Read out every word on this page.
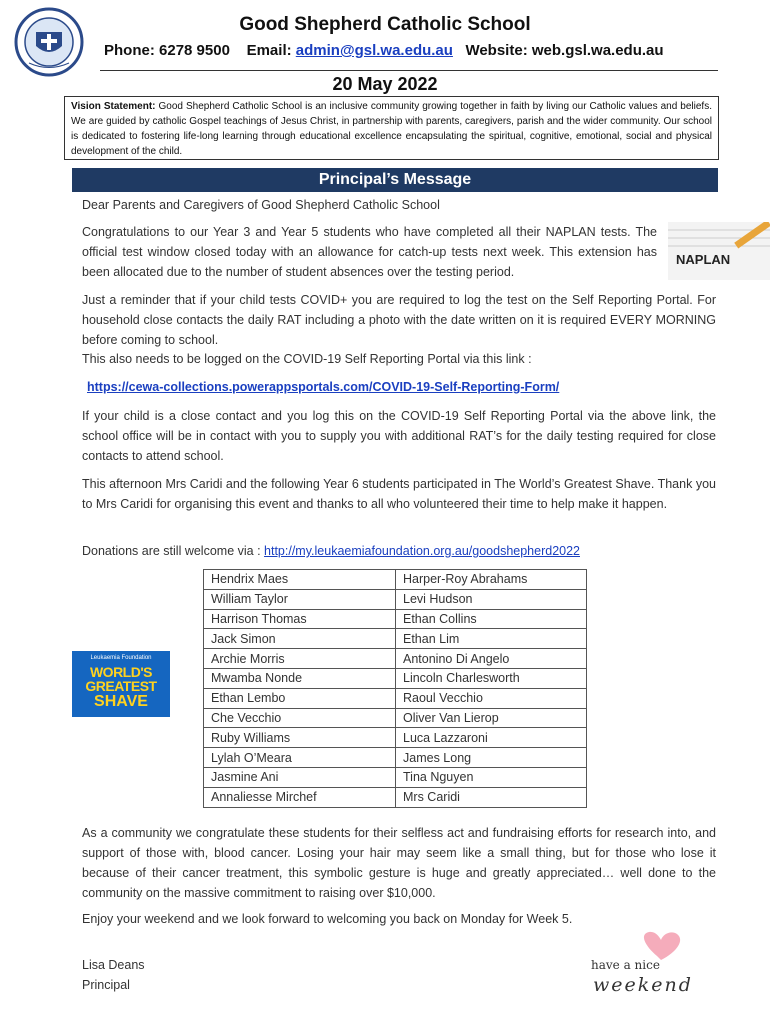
Good Shepherd Catholic School
Phone: 6278 9500 Email: admin@gsl.wa.edu.au Website: web.gsl.wa.edu.au
20 May 2022
Vision Statement: Good Shepherd Catholic School is an inclusive community growing together in faith by living our Catholic values and beliefs. We are guided by catholic Gospel teachings of Jesus Christ, in partnership with parents, caregivers, parish and the wider community. Our school is dedicated to fostering life-long learning through educational excellence encapsulating the spiritual, cognitive, emotional, social and physical development of the child.
Principal’s Message
Dear Parents and Caregivers of Good Shepherd Catholic School
Congratulations to our Year 3 and Year 5 students who have completed all their NAPLAN tests. The official test window closed today with an allowance for catch-up tests next week. This extension has been allocated due to the number of student absences over the testing period.
NAPLAN
Just a reminder that if your child tests COVID+ you are required to log the test on the Self Reporting Portal. For household close contacts the daily RAT including a photo with the date written on it is required EVERY MORNING before coming to school.
This also needs to be logged on the COVID-19 Self Reporting Portal via this link :
https://cewa-collections.powerappsportals.com/COVID-19-Self-Reporting-Form/
If your child is a close contact and you log this on the COVID-19 Self Reporting Portal via the above link, the school office will be in contact with you to supply you with additional RAT’s for the daily testing required for close contacts to attend school.
This afternoon Mrs Caridi and the following Year 6 students participated in The World’s Greatest Shave. Thank you to Mrs Caridi for organising this event and thanks to all who volunteered their time to help make it happen.
Donations are still welcome via : http://my.leukaemiafoundation.org.au/goodshepherd2022
Leukaemia Foundation
WORLD'S
GREATEST
SHAVE
Hendrix Maes	Harper-Roy Abrahams
William Taylor	Levi Hudson
Harrison Thomas	Ethan Collins
Jack Simon	Ethan Lim
Archie Morris	Antonino Di Angelo
Mwamba Nonde	Lincoln Charlesworth
Ethan Lembo	Raoul Vecchio
Che Vecchio	Oliver Van Lierop
Ruby Williams	Luca Lazzaroni
Lylah O’Meara	James Long
Jasmine Ani	Tina Nguyen
Annaliesse Mirchef	Mrs Caridi
As a community we congratulate these students for their selfless act and fundraising efforts for research into, and support of those with, blood cancer. Losing your hair may seem like a small thing, but for those who lose it because of their cancer treatment, this symbolic gesture is huge and greatly appreciated… well done to the community on the massive commitment to raising over $10,000.
Enjoy your weekend and we look forward to welcoming you back on Monday for Week 5.
Lisa Deans
Principal
have a nice
weekend
